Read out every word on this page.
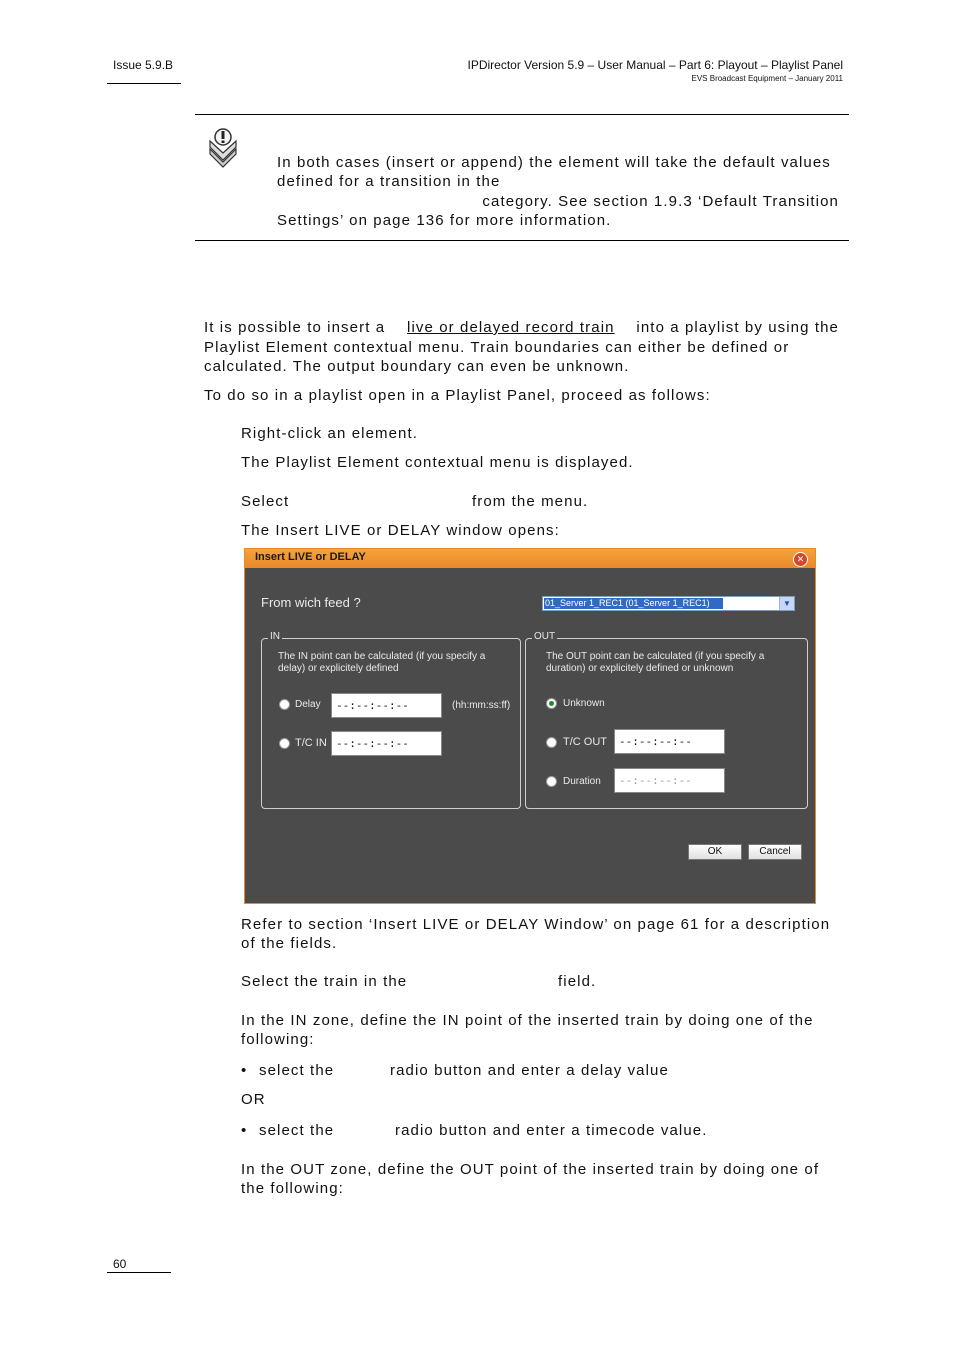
Issue 5.9.B	IPDirector Version 5.9 – User Manual – Part 6: Playout – Playlist Panel
EVS Broadcast Equipment – January 2011
In both cases (insert or append) the element will take the default values
defined for a transition in the
category. See section 1.9.3 ‘Default Transition
Settings’ on page 136 for more information.
It is possible to insert a live or delayed record train into a playlist by using the
Playlist Element contextual menu. Train boundaries can either be defined or
calculated. The output boundary can even be unknown.
To do so in a playlist open in a Playlist Panel, proceed as follows:
Right-click an element.
The Playlist Element contextual menu is displayed.
Select	from the menu.
The Insert LIVE or DELAY window opens:
Insert LIVE or DELAY	✕
From wich feed ?	01_Server 1_REC1 (01_Server 1_REC1)	▼
IN
The IN point can be calculated (if you specify a
delay) or explicitely defined
Delay	--:--:--:--	(hh:mm:ss:ff)
T/C IN --:--:--:--
OUT
The OUT point can be calculated (if you specify a
duration) or explicitely defined or unknown
Unknown
T/C OUT	--:--:--:--
Duration	--:--:--:--
OK	Cancel
Refer to section ‘Insert LIVE or DELAY Window’ on page 61 for a description
of the fields.
Select the train in the	field.
In the IN zone, define the IN point of the inserted train by doing one of the
following:
• select the	radio button and enter a delay value
OR
• select the	radio button and enter a timecode value.
In the OUT zone, define the OUT point of the inserted train by doing one of
the following:
60
